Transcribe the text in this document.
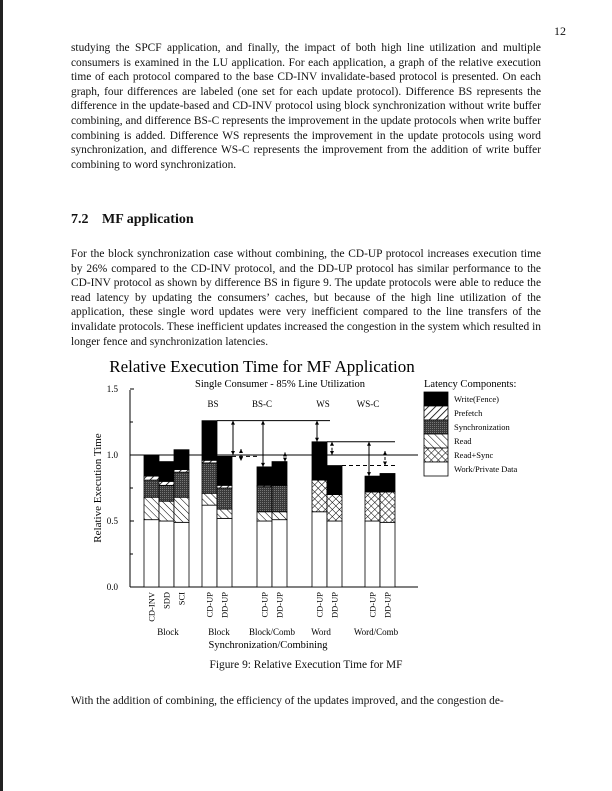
12

studying the SPCF application, and finally, the impact of both high line utilization and multiple consumers is examined in the LU application. For each application, a graph of the relative execution time of each protocol compared to the base CD-INV invalidate-based protocol is presented. On each graph, four differences are labeled (one set for each update protocol). Difference BS represents the difference in the update-based and CD-INV protocol using block synchronization without write buffer combining, and difference BS-C represents the improvement in the update protocols when write buffer combining is added. Difference WS represents the improvement in the update protocols using word synchronization, and difference WS-C represents the improvement from the addition of write buffer combining to word synchronization.

7.2 MF application

For the block synchronization case without combining, the CD-UP protocol increases execution time by 26% compared to the CD-INV protocol, and the DD-UP protocol has similar performance to the CD-INV protocol as shown by difference BS in figure 9. The update protocols were able to reduce the read latency by updating the consumers’ caches, but because of the high line utilization of the application, these single word updates were very inefficient compared to the line transfers of the invalidate protocols. These inefficient updates increased the congestion in the system which resulted in longer fence and synchronization latencies.

Relative Execution Time for MF Application
Single Consumer - 85% Line Utilization
BS	BS-C	WS	WS-C
0.0
0.5
1.0
1.5
Relative Execution Time
CD-INV SDD SCI CD-UP DD-UP	CD-UP DD-UP	CD-UP DD-UP	CD-UP DD-UP
Block	Block Block/Comb Word	Word/Comb
Synchronization/Combining
Latency Components:
Write(Fence)
Prefetch
Synchronization
Read
Read+Sync
Work/Private Data
Figure 9: Relative Execution Time for MF

With the addition of combining, the efficiency of the updates improved, and the congestion de-
